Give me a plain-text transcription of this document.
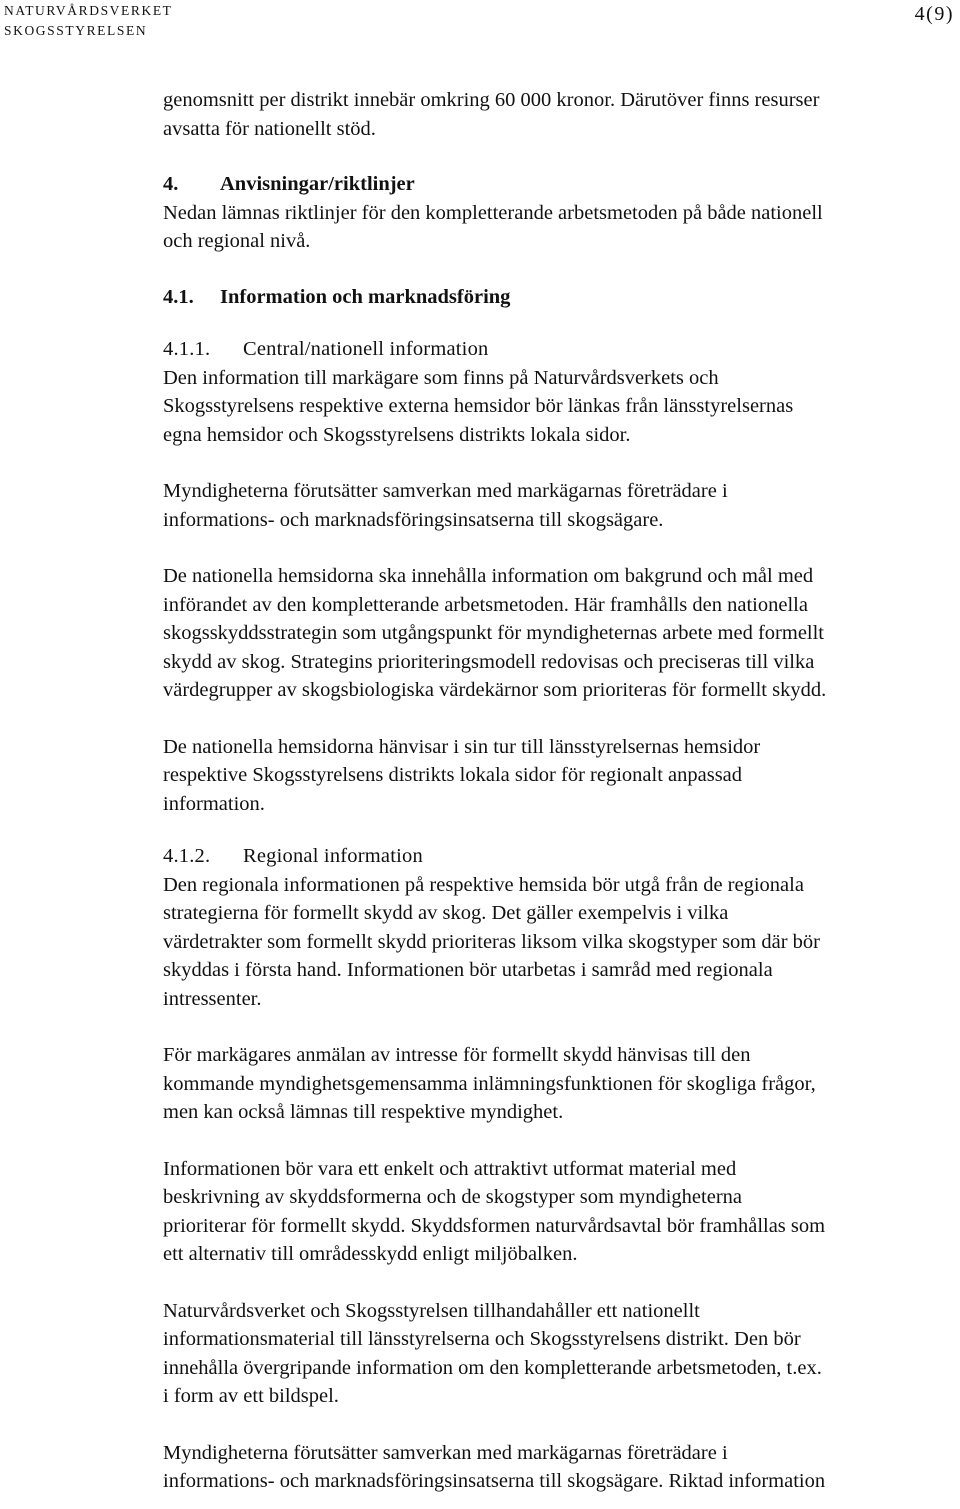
NATURVÅRDSVERKET
SKOGSSTYRELSEN
4(9)
genomsnitt per distrikt innebär omkring 60 000 kronor. Därutöver finns resurser
avsatta för nationellt stöd.
4. Anvisningar/riktlinjer
Nedan lämnas riktlinjer för den kompletterande arbetsmetoden på både nationell
och regional nivå.
4.1. Information och marknadsföring
4.1.1. Central/nationell information
Den information till markägare som finns på Naturvårdsverkets och
Skogsstyrelsens respektive externa hemsidor bör länkas från länsstyrelsernas
egna hemsidor och Skogsstyrelsens distrikts lokala sidor.
Myndigheterna förutsätter samverkan med markägarnas företrädare i
informations- och marknadsföringsinsatserna till skogsägare.
De nationella hemsidorna ska innehålla information om bakgrund och mål med
införandet av den kompletterande arbetsmetoden. Här framhålls den nationella
skogsskyddsstrategin som utgångspunkt för myndigheternas arbete med formellt
skydd av skog. Strategins prioriteringsmodell redovisas och preciseras till vilka
värdegrupper av skogsbiologiska värdekärnor som prioriteras för formellt skydd.
De nationella hemsidorna hänvisar i sin tur till länsstyrelsernas hemsidor
respektive Skogsstyrelsens distrikts lokala sidor för regionalt anpassad
information.
4.1.2. Regional information
Den regionala informationen på respektive hemsida bör utgå från de regionala
strategierna för formellt skydd av skog. Det gäller exempelvis i vilka
värdetrakter som formellt skydd prioriteras liksom vilka skogstyper som där bör
skyddas i första hand. Informationen bör utarbetas i samråd med regionala
intressenter.
För markägares anmälan av intresse för formellt skydd hänvisas till den
kommande myndighetsgemensamma inlämningsfunktionen för skogliga frågor,
men kan också lämnas till respektive myndighet.
Informationen bör vara ett enkelt och attraktivt utformat material med
beskrivning av skyddsformerna och de skogstyper som myndigheterna
prioriterar för formellt skydd. Skyddsformen naturvårdsavtal bör framhållas som
ett alternativ till områdesskydd enligt miljöbalken.
Naturvårdsverket och Skogsstyrelsen tillhandahåller ett nationellt
informationsmaterial till länsstyrelserna och Skogsstyrelsens distrikt. Den bör
innehålla övergripande information om den kompletterande arbetsmetoden, t.ex.
i form av ett bildspel.
Myndigheterna förutsätter samverkan med markägarnas företrädare i
informations- och marknadsföringsinsatserna till skogsägare. Riktad information
